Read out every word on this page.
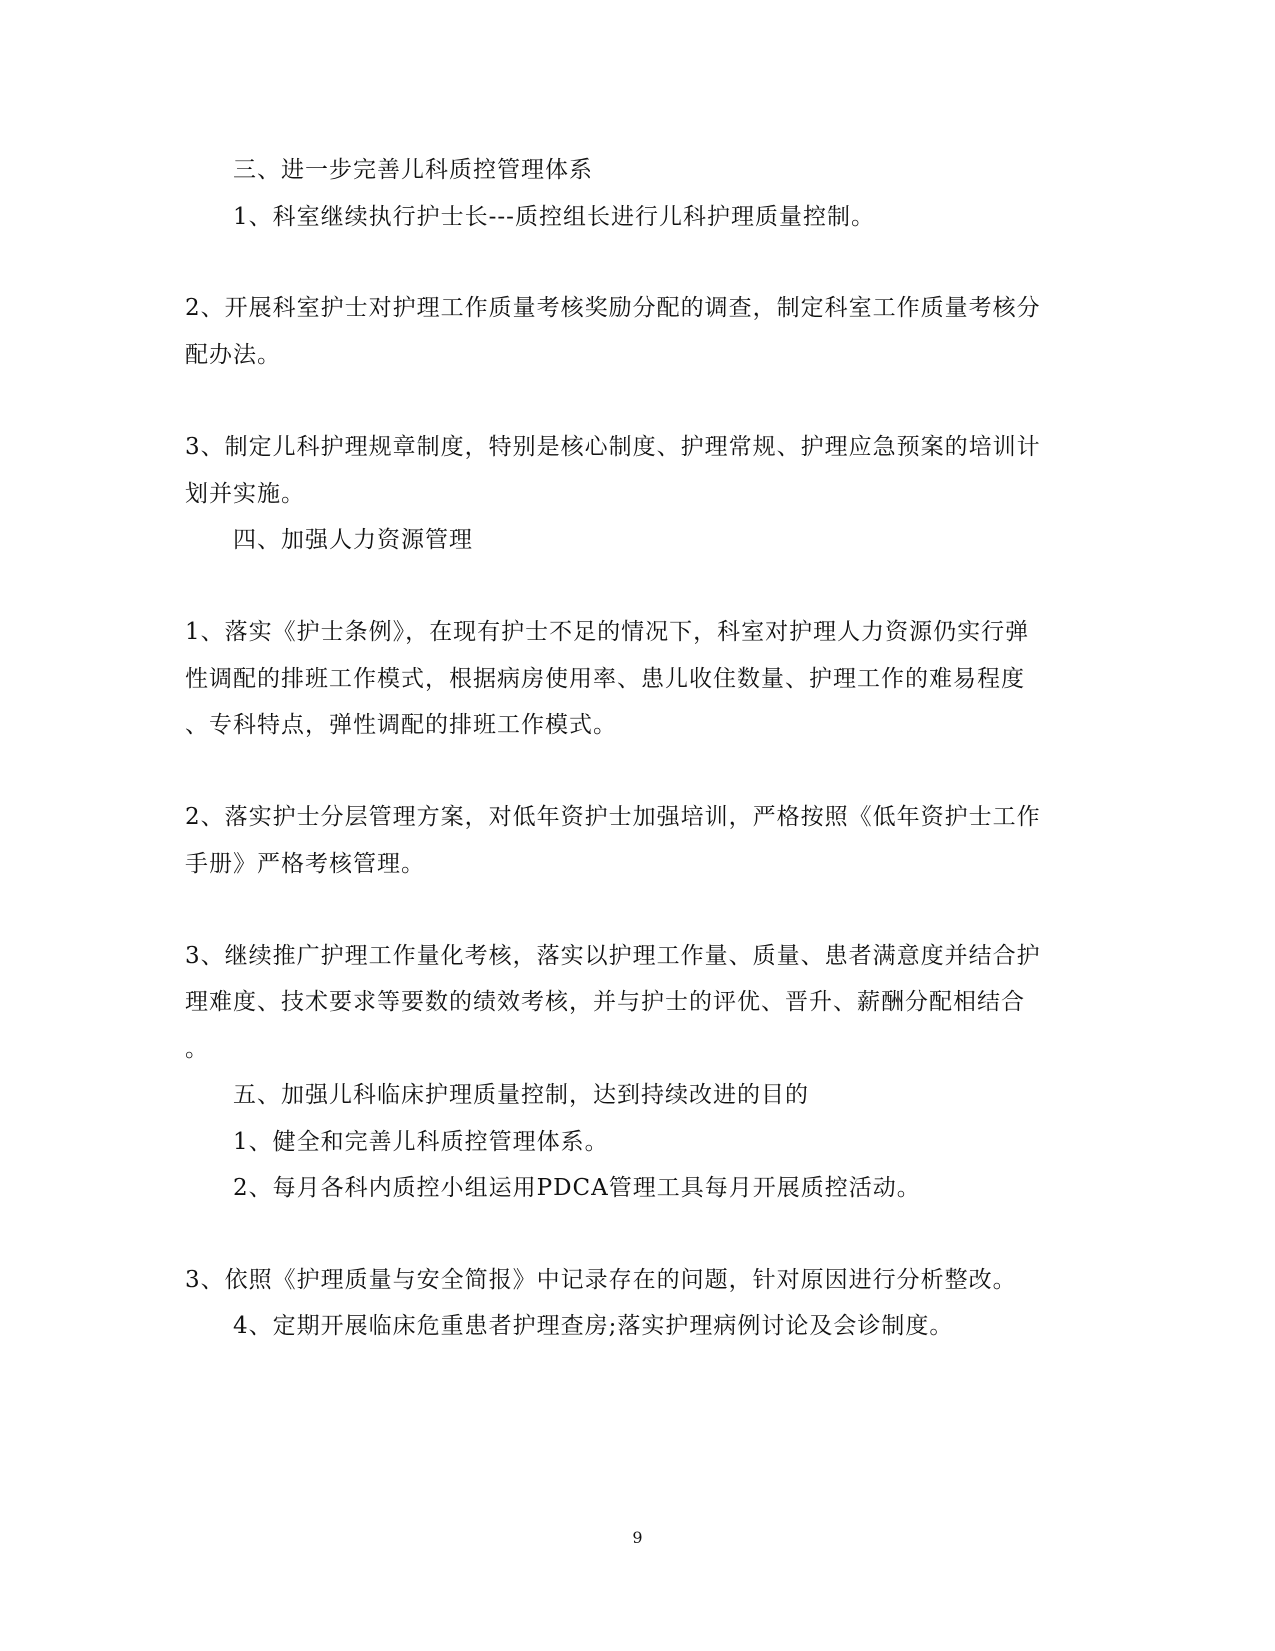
三、进一步完善儿科质控管理体系
1、科室继续执行护士长---质控组长进行儿科护理质量控制。
2、开展科室护士对护理工作质量考核奖励分配的调查，制定科室工作质量考核分
配办法。
3、制定儿科护理规章制度，特别是核心制度、护理常规、护理应急预案的培训计
划并实施。
四、加强人力资源管理
1、落实《护士条例》，在现有护士不足的情况下，科室对护理人力资源仍实行弹
性调配的排班工作模式，根据病房使用率、患儿收住数量、护理工作的难易程度
、专科特点，弹性调配的排班工作模式。
2、落实护士分层管理方案，对低年资护士加强培训，严格按照《低年资护士工作
手册》严格考核管理。
3、继续推广护理工作量化考核，落实以护理工作量、质量、患者满意度并结合护
理难度、技术要求等要数的绩效考核，并与护士的评优、晋升、薪酬分配相结合
。
五、加强儿科临床护理质量控制，达到持续改进的目的
1、健全和完善儿科质控管理体系。
2、每月各科内质控小组运用PDCA管理工具每月开展质控活动。
3、依照《护理质量与安全简报》中记录存在的问题，针对原因进行分析整改。
4、定期开展临床危重患者护理查房;落实护理病例讨论及会诊制度。
9
